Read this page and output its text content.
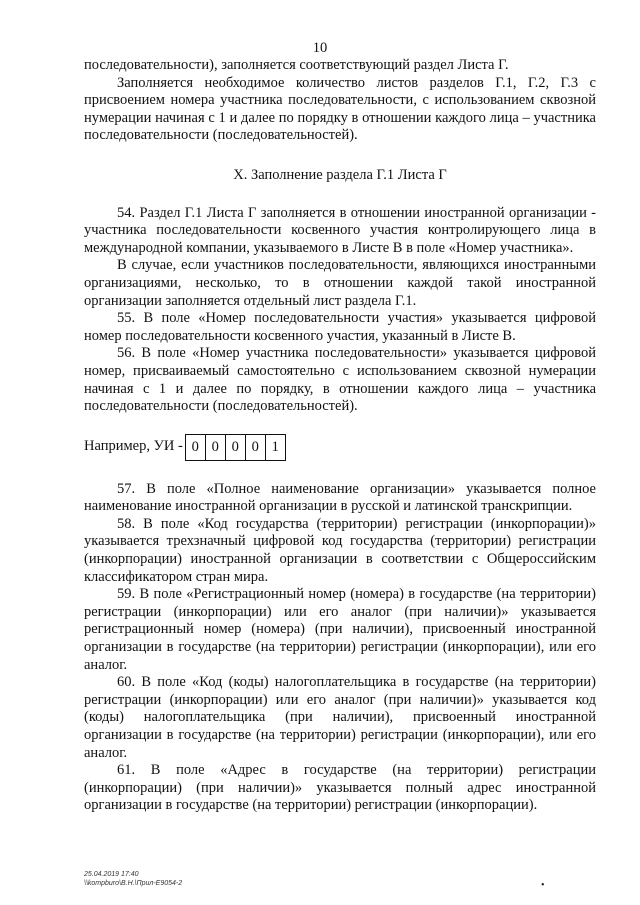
10

последовательности), заполняется соответствующий раздел Листа Г.

Заполняется необходимое количество листов разделов Г.1, Г.2, Г.3 с присвоением номера участника последовательности, с использованием сквозной нумерации начиная с 1 и далее по порядку в отношении каждого лица – участника последовательности (последовательностей).

X. Заполнение раздела Г.1 Листа Г

54. Раздел Г.1 Листа Г заполняется в отношении иностранной организации - участника последовательности косвенного участия контролирующего лица в международной компании, указываемого в Листе В в поле «Номер участника».

В случае, если участников последовательности, являющихся иностранными организациями, несколько, то в отношении каждой такой иностранной организации заполняется отдельный лист раздела Г.1.

55. В поле «Номер последовательности участия» указывается цифровой номер последовательности косвенного участия, указанный в Листе В.

56. В поле «Номер участника последовательности» указывается цифровой номер, присваиваемый самостоятельно с использованием сквозной нумерации начиная с 1 и далее по порядку, в отношении каждого лица – участника последовательности (последовательностей).

Например, УИ - 0 0 0 0 1

57. В поле «Полное наименование организации» указывается полное наименование иностранной организации в русской и латинской транскрипции.

58. В поле «Код государства (территории) регистрации (инкорпорации)» указывается трехзначный цифровой код государства (территории) регистрации (инкорпорации) иностранной организации в соответствии с Общероссийским классификатором стран мира.

59. В поле «Регистрационный номер (номера) в государстве (на территории) регистрации (инкорпорации) или его аналог (при наличии)» указывается регистрационный номер (номера) (при наличии), присвоенный иностранной организации в государстве (на территории) регистрации (инкорпорации), или его аналог.

60. В поле «Код (коды) налогоплательщика в государстве (на территории) регистрации (инкорпорации) или его аналог (при наличии)» указывается код (коды) налогоплательщика (при наличии), присвоенный иностранной организации в государстве (на территории) регистрации (инкорпорации), или его аналог.

61. В поле «Адрес в государстве (на территории) регистрации (инкорпорации) (при наличии)» указывается полный адрес иностранной организации в государстве (на территории) регистрации (инкорпорации).

25.04.2019 17:40
\\kompburo\В.Н.\Прил-Е9054-2	•
